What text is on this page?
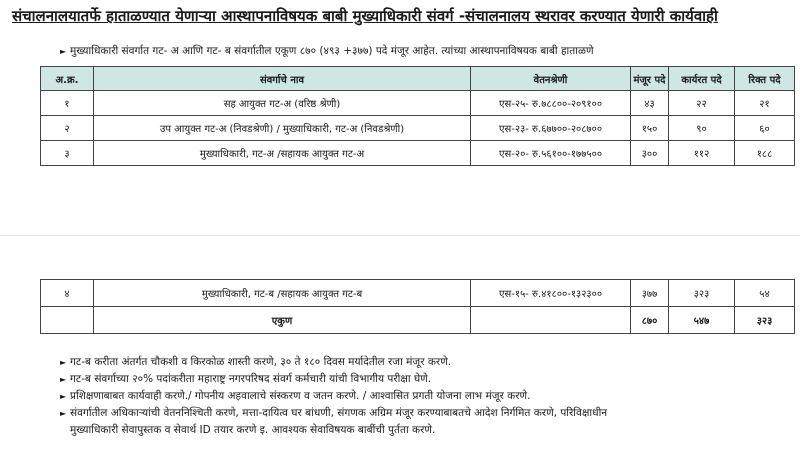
संचालनालयातर्फे हाताळण्यात येणाऱ्या आस्थापनाविषयक बाबी मुख्याधिकारी संवर्ग -संचालनालय स्थरावर करण्यात येणारी कार्यवाही
► मुख्याधिकारी संवर्गात गट- अ आणि गट- ब संवर्गातील एकूण ८७० (४९३ +३७७) पदे मंजूर आहेत. त्यांच्या आस्थापनाविषयक बाबी हाताळणे
अ.क्र.	संवर्गाचे नाव	वेतनश्रेणी	मंजूर पदे	कार्यरत पदे	रिक्त पदे
१	सह आयुक्त गट-अ (वरिष्ठ श्रेणी)	एस-२५- रु.७८८००-२०९१००	४३	२२	२१
२	उप आयुक्त गट-अ (निवडश्रेणी) / मुख्याधिकारी, गट-अ (निवडश्रेणी)	एस-२३- रु.६७७००-२०८७००	१५०	९०	६०
३	मुख्याधिकारी, गट-अ /सहायक आयुक्त गट-अ	एस-२०- रु.५६१००-१७७५००	३००	११२	१८८
४	मुख्याधिकारी, गट-ब /सहायक आयुक्त गट-ब	एस-१५- रु.४१८००-१३२३००	३७७	३२३	५४
	एकुण		८७०	५४७	३२३
► गट-ब करीता अंतर्गत चौकशी व किरकोळ शास्ती करणे, ३० ते १८० दिवस मर्यादेतील रजा मंजूर करणे.
► गट-ब संवर्गाच्या २०% पदांकरीता महाराष्ट्र नगरपरिषद संवर्ग कर्मचारी यांची विभागीय परीक्षा घेणे.
► प्रशिक्षणाबाबत कार्यवाही करणे./ गोपनीय अहवालाचे संस्करण व जतन करणे. / आश्वासित प्रगती योजना लाभ मंजूर करणे.
► संवर्गातील अधिकाऱ्यांची वेतननिश्चिती करणे, मत्ता-दायित्व घर बांधणी, संगणक अग्रिम मंजूर करण्याबाबतचे आदेश निर्गमित करणे, परिविक्षाधीन
मुख्याधिकारी सेवापुस्तक व सेवार्थ ID तयार करणे इ. आवश्यक सेवाविषयक बाबींची पुर्तता करणे.
